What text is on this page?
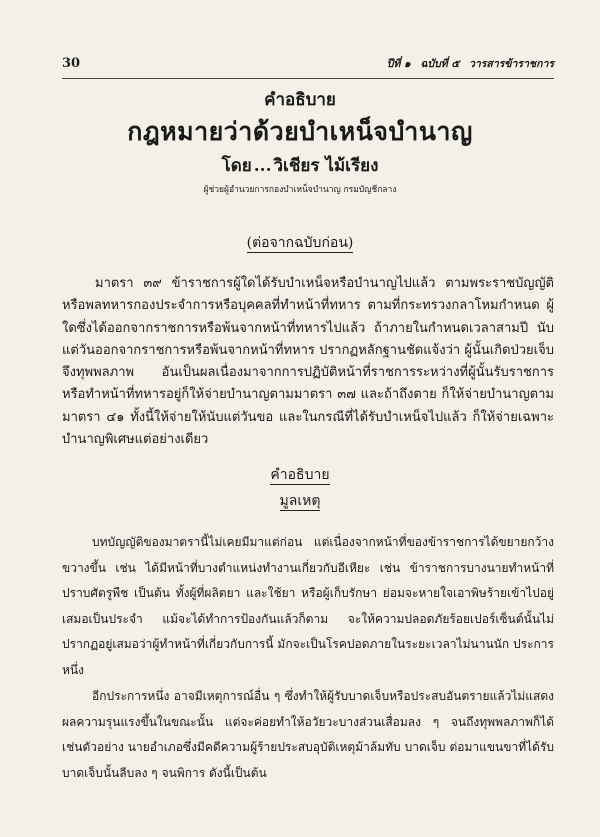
30	ปีที่ ๑ ฉบับที่ ๕ วารสารข้าราชการ
คำอธิบาย
กฎหมายว่าด้วยบำเหน็จบำนาญ
โดย ... วิเชียร ไม้เรียง
ผู้ช่วยผู้อำนวยการกองบำเหน็จบำนาญ กรมบัญชีกลาง
(ต่อจากฉบับก่อน)

มาตรา ๓๙ ข้าราชการผู้ใดได้รับบำเหน็จหรือบำนาญไปแล้ว ตามพระราชบัญญัติหรือพลทหารกองประจำการหรือบุคคลที่ทำหน้าที่ทหาร ตามที่กระทรวงกลาโหมกำหนด ผู้ใดซึ่งได้ออกจากราชการหรือพ้นจากหน้าที่ทหารไปแล้ว ถ้าภายในกำหนดเวลาสามปี นับแต่วันออกจากราชการหรือพ้นจากหน้าที่ทหาร ปรากฏหลักฐานชัดแจ้งว่า ผู้นั้นเกิดป่วยเจ็บจึงทุพพลภาพ อันเป็นผลเนื่องมาจากการปฏิบัติหน้าที่ราชการระหว่างที่ผู้นั้นรับราชการ หรือทำหน้าที่ทหารอยู่ก็ให้จ่ายบำนาญตามมาตรา ๓๗ และถ้าถึงตาย ก็ให้จ่ายบำนาญตามมาตรา ๔๑ ทั้งนี้ให้จ่ายให้นับแต่วันขอ และในกรณีที่ได้รับบำเหน็จไปแล้ว ก็ให้จ่ายเฉพาะบำนาญพิเศษแต่อย่างเดียว

คำอธิบาย
มูลเหตุ

บทบัญญัติของมาตรานี้ไม่เคยมีมาแต่ก่อน แต่เนื่องจากหน้าที่ของข้าราชการได้ขยายกว้างขวางขึ้น เช่น ได้มีหน้าที่บางตำแหน่งทำงานเกี่ยวกับอีเหียะ เช่น ข้าราชการบางนายทำหน้าที่ปราบศัตรูพืช เป็นต้น ทั้งผู้ที่ผลิตยา และใช้ยา หรือผู้เก็บรักษา ย่อมจะหายใจเอาพิษร้ายเข้าไปอยู่เสมอเป็นประจำ แม้จะได้ทำการป้องกันแล้วก็ตาม จะให้ความปลอดภัยร้อยเปอร์เซ็นต์นั้นไม่ปรากฏอยู่เสมอว่าผู้ทำหน้าที่เกี่ยวกับการนี้ มักจะเป็นโรคปอดภายในระยะเวลาไม่นานนัก ประการหนึ่ง

อีกประการหนึ่ง อาจมีเหตุการณ์อื่น ๆ ซึ่งทำให้ผู้รับบาดเจ็บหรือประสบอันตรายแล้วไม่แสดงผลความรุนแรงขึ้นในขณะนั้น แต่จะค่อยทำให้อวัยวะบางส่วนเสื่อมลง ๆ จนถึงทุพพลภาพก็ได้ เช่นตัวอย่าง นายอำเภอซึ่งมีคดีความผู้ร้ายประสบอุบัติเหตุม้าล้มทับ บาดเจ็บ ต่อมาแขนขาที่ได้รับบาดเจ็บนั้นลีบลง ๆ จนพิการ ดังนี้เป็นต้น
